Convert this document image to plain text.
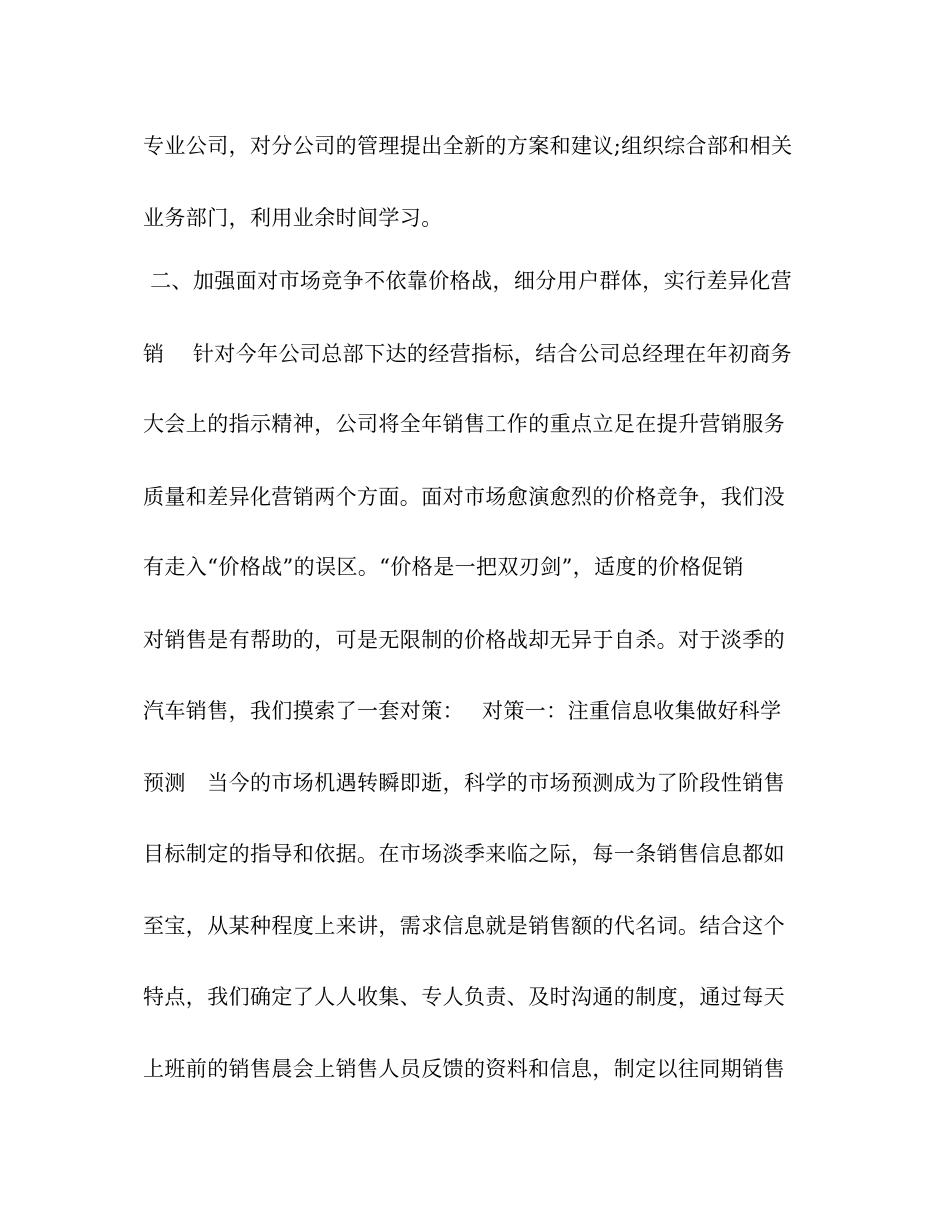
专业公司，对分公司的管理提出全新的方案和建议;组织综合部和相关
业务部门，利用业余时间学习。
二、加强面对市场竞争不依靠价格战，细分用户群体，实行差异化营
销　 针对今年公司总部下达的经营指标，结合公司总经理在年初商务
大会上的指示精神，公司将全年销售工作的重点立足在提升营销服务
质量和差异化营销两个方面。面对市场愈演愈烈的价格竞争，我们没
有走入“价格战”的误区。“价格是一把双刃剑”，适度的价格促销
对销售是有帮助的，可是无限制的价格战却无异于自杀。对于淡季的
汽车销售，我们摸索了一套对策：　 对策一：注重信息收集做好科学
预测　当今的市场机遇转瞬即逝，科学的市场预测成为了阶段性销售
目标制定的指导和依据。在市场淡季来临之际，每一条销售信息都如
至宝，从某种程度上来讲，需求信息就是销售额的代名词。结合这个
特点，我们确定了人人收集、专人负责、及时沟通的制度，通过每天
上班前的销售晨会上销售人员反馈的资料和信息，制定以往同期销售
